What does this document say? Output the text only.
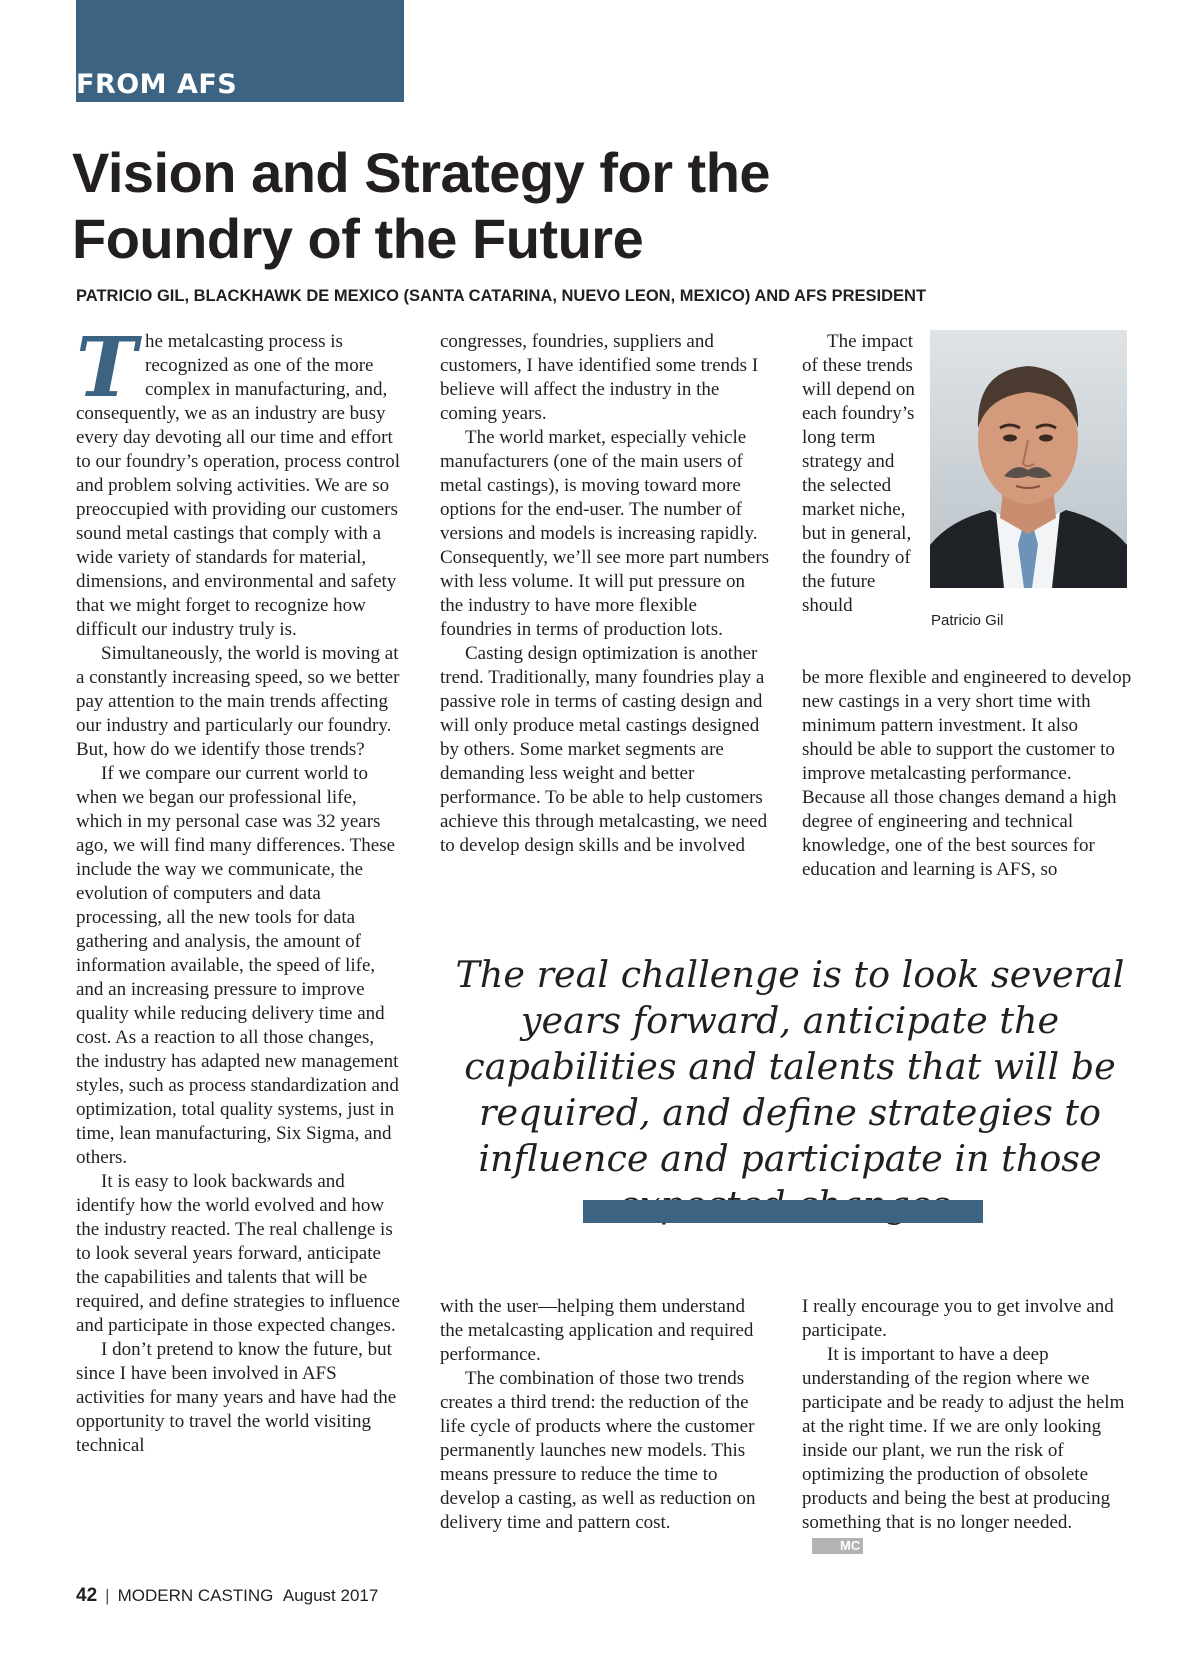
FROM AFS
Vision and Strategy for the
Foundry of the Future
PATRICIO GIL, BLACKHAWK DE MEXICO (SANTA CATARINA, NUEVO LEON, MEXICO) AND AFS PRESIDENT

The metalcasting process is recognized as one of the more complex in manufacturing, and, consequently, we as an industry are busy every day devoting all our time and effort to our foundry’s operation, process control and problem solving activities. We are so preoccupied with providing our customers sound metal castings that comply with a wide variety of standards for material, dimensions, and environmental and safety that we might forget to recognize how difficult our industry truly is.

Simultaneously, the world is moving at a constantly increasing speed, so we better pay attention to the main trends affecting our industry and particularly our foundry. But, how do we identify those trends?

If we compare our current world to when we began our professional life, which in my personal case was 32 years ago, we will find many differences. These include the way we communicate, the evolution of computers and data processing, all the new tools for data gathering and analysis, the amount of information available, the speed of life, and an increasing pressure to improve quality while reducing delivery time and cost. As a reaction to all those changes, the industry has adapted new management styles, such as process standardization and optimization, total quality systems, just in time, lean manufacturing, Six Sigma, and others.

It is easy to look backwards and identify how the world evolved and how the industry reacted. The real challenge is to look several years forward, anticipate the capabilities and talents that will be required, and define strategies to influence and participate in those expected changes.

I don’t pretend to know the future, but since I have been involved in AFS activities for many years and have had the opportunity to travel the world visiting technical

congresses, foundries, suppliers and customers, I have identified some trends I believe will affect the industry in the coming years.

The world market, especially vehicle manufacturers (one of the main users of metal castings), is moving toward more options for the end-user. The number of versions and models is increasing rapidly. Consequently, we’ll see more part numbers with less volume. It will put pressure on the industry to have more flexible foundries in terms of production lots.

Casting design optimization is another trend. Traditionally, many foundries play a passive role in terms of casting design and will only produce metal castings designed by others. Some market segments are demanding less weight and better performance. To be able to help customers achieve this through metalcasting, we need to develop design skills and be involved

The impact of these trends will depend on each foundry’s long term strategy and the selected market niche, but in general, the foundry of the future should

be more flexible and engineered to develop new castings in a very short time with minimum pattern investment. It also should be able to support the customer to improve metalcasting performance. Because all those changes demand a high degree of engineering and technical knowledge, one of the best sources for education and learning is AFS, so

Patricio Gil

The real challenge is to look several years forward, anticipate the capabilities and talents that will be required, and define strategies to influence and participate in those

with the user—helping them understand the metalcasting application and required performance.

The combination of those two trends creates a third trend: the reduction of the life cycle of products where the customer permanently launches new models. This means pressure to reduce the time to develop a casting, as well as reduction on delivery time and pattern cost.

I really encourage you to get involve and participate.

It is important to have a deep understanding of the region where we participate and be ready to adjust the helm at the right time. If we are only looking inside our plant, we run the risk of optimizing the production of obsolete products and being the best at producing something that is no longer needed.MC

42 | MODERN CASTING August 2017
